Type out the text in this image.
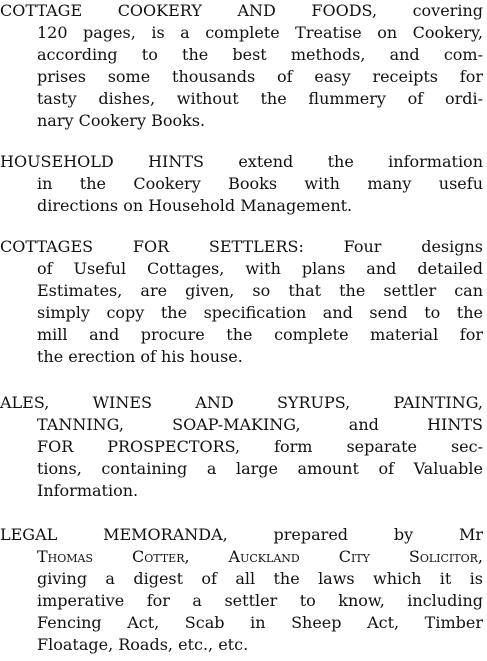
COTTAGE COOKERY AND FOODS, covering
120 pages, is a complete Treatise on Cookery,
according to the best methods, and com-
prises some thousands of easy receipts for
tasty dishes, without the flummery of ordi-
nary Cookery Books.
HOUSEHOLD HINTS extend the information
in the Cookery Books with many usefu
directions on Household Management.
COTTAGES FOR SETTLERS: Four designs
of Useful Cottages, with plans and detailed
Estimates, are given, so that the settler can
simply copy the specification and send to the
mill and procure the complete material for
the erection of his house.
ALES, WINES AND SYRUPS, PAINTING,
TANNING, SOAP-MAKING, and HINTS
FOR PROSPECTORS, form separate sec-
tions, containing a large amount of Valuable
Information.
LEGAL MEMORANDA, prepared by Mr
Thomas Cotter, Auckland City Solicitor,
giving a digest of all the laws which it is
imperative for a settler to know, including
Fencing Act, Scab in Sheep Act, Timber
Floatage, Roads, etc., etc.
